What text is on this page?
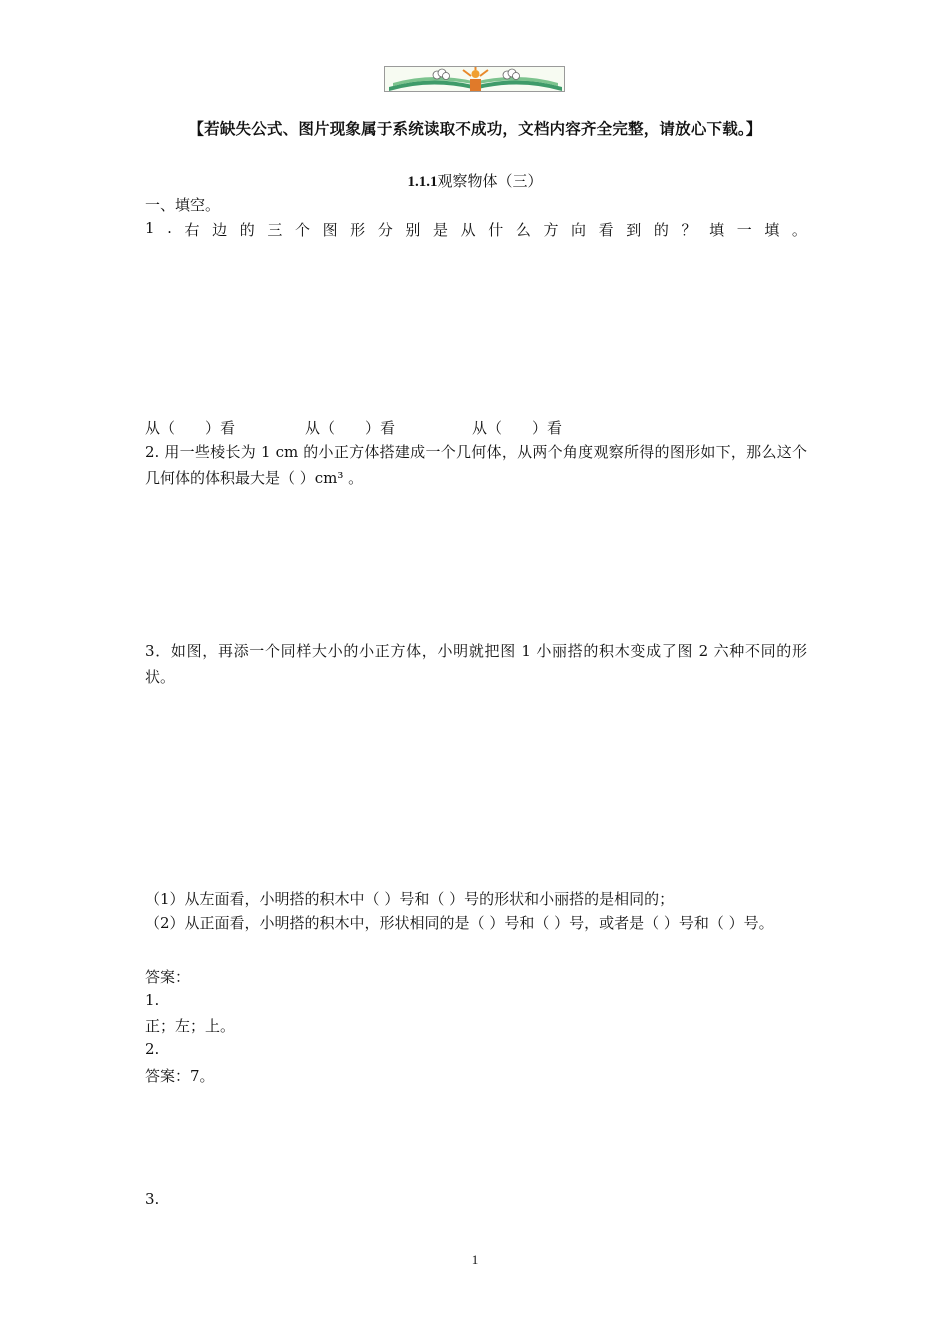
【若缺失公式、图片现象属于系统读取不成功，文档内容齐全完整，请放心下载。】
1.1.1观察物体（三）
一、填空。
1 . 右 边 的 三 个 图 形 分 别 是 从 什 么 方 向 看 到 的 ？ 填 一 填 。
从（　　）看	从（　　）看	从（　　）看
2. 用一些棱长为 1 cm 的小正方体搭建成一个几何体，从两个角度观察所得的图形如下，那么这个几何体的体积最大是（ ）cm³ 。
3．如图，再添一个同样大小的小正方体，小明就把图 1 小丽搭的积木变成了图 2 六种不同的形状。
（1）从左面看，小明搭的积木中（ ）号和（ ）号的形状和小丽搭的是相同的；
（2）从正面看，小明搭的积木中，形状相同的是（ ）号和（ ）号，或者是（ ）号和（ ）号。
答案：
1.
正；左；上。
2.
答案：7。
3.
1
